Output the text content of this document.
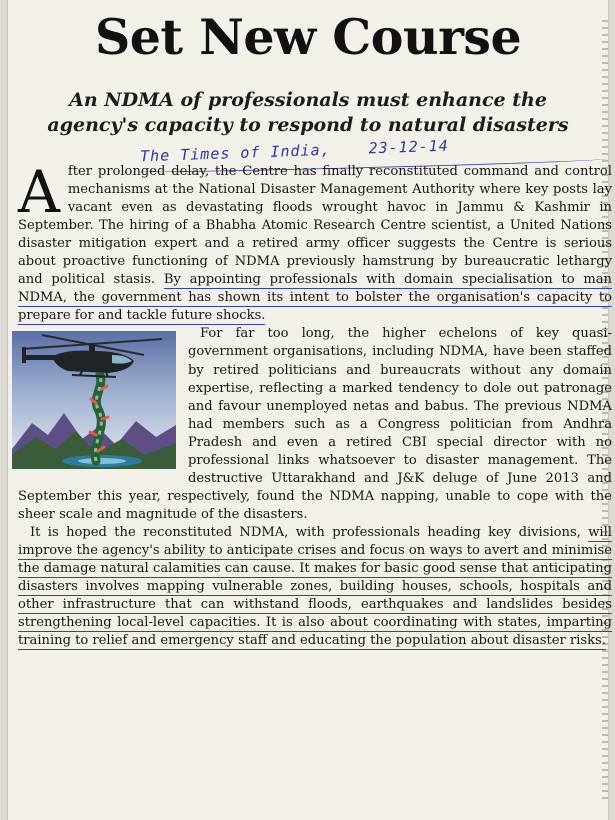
Set New Course
An NDMA of professionals must enhance the agency's capacity to respond to natural disasters
The Times of India, 23-12-14

After prolonged delay, the Centre has finally reconstituted command and control mechanisms at the National Disaster Management Authority where key posts lay vacant even as devastating floods wrought havoc in Jammu & Kashmir in September. The hiring of a Bhabha Atomic Research Centre scientist, a United Nations disaster mitigation expert and a retired army officer suggests the Centre is serious about proactive functioning of NDMA previously hamstrung by bureaucratic lethargy and political stasis. By appointing professionals with domain specialisation to man NDMA, the government has shown its intent to bolster the organisation's capacity to prepare for and tackle future shocks.

For far too long, the higher echelons of key quasi-government organisations, including NDMA, have been staffed by retired politicians and bureaucrats without any domain expertise, reflecting a marked tendency to dole out patronage and favour unemployed netas and babus. The previous NDMA had members such as a Congress politician from Andhra Pradesh and even a retired CBI special director with no professional links whatsoever to disaster management. The destructive Uttarakhand and J&K deluge of June 2013 and September this year, respectively, found the NDMA napping, unable to cope with the sheer scale and magnitude of the disasters.

It is hoped the reconstituted NDMA, with professionals heading key divisions, will improve the agency's ability to anticipate crises and focus on ways to avert and minimise the damage natural calamities can cause. It makes for basic good sense that anticipating disasters involves mapping vulnerable zones, building houses, schools, hospitals and other infrastructure that can withstand floods, earthquakes and landslides besides strengthening local-level capacities. It is also about coordinating with states, imparting training to relief and emergency staff and educating the population about disaster risks.
